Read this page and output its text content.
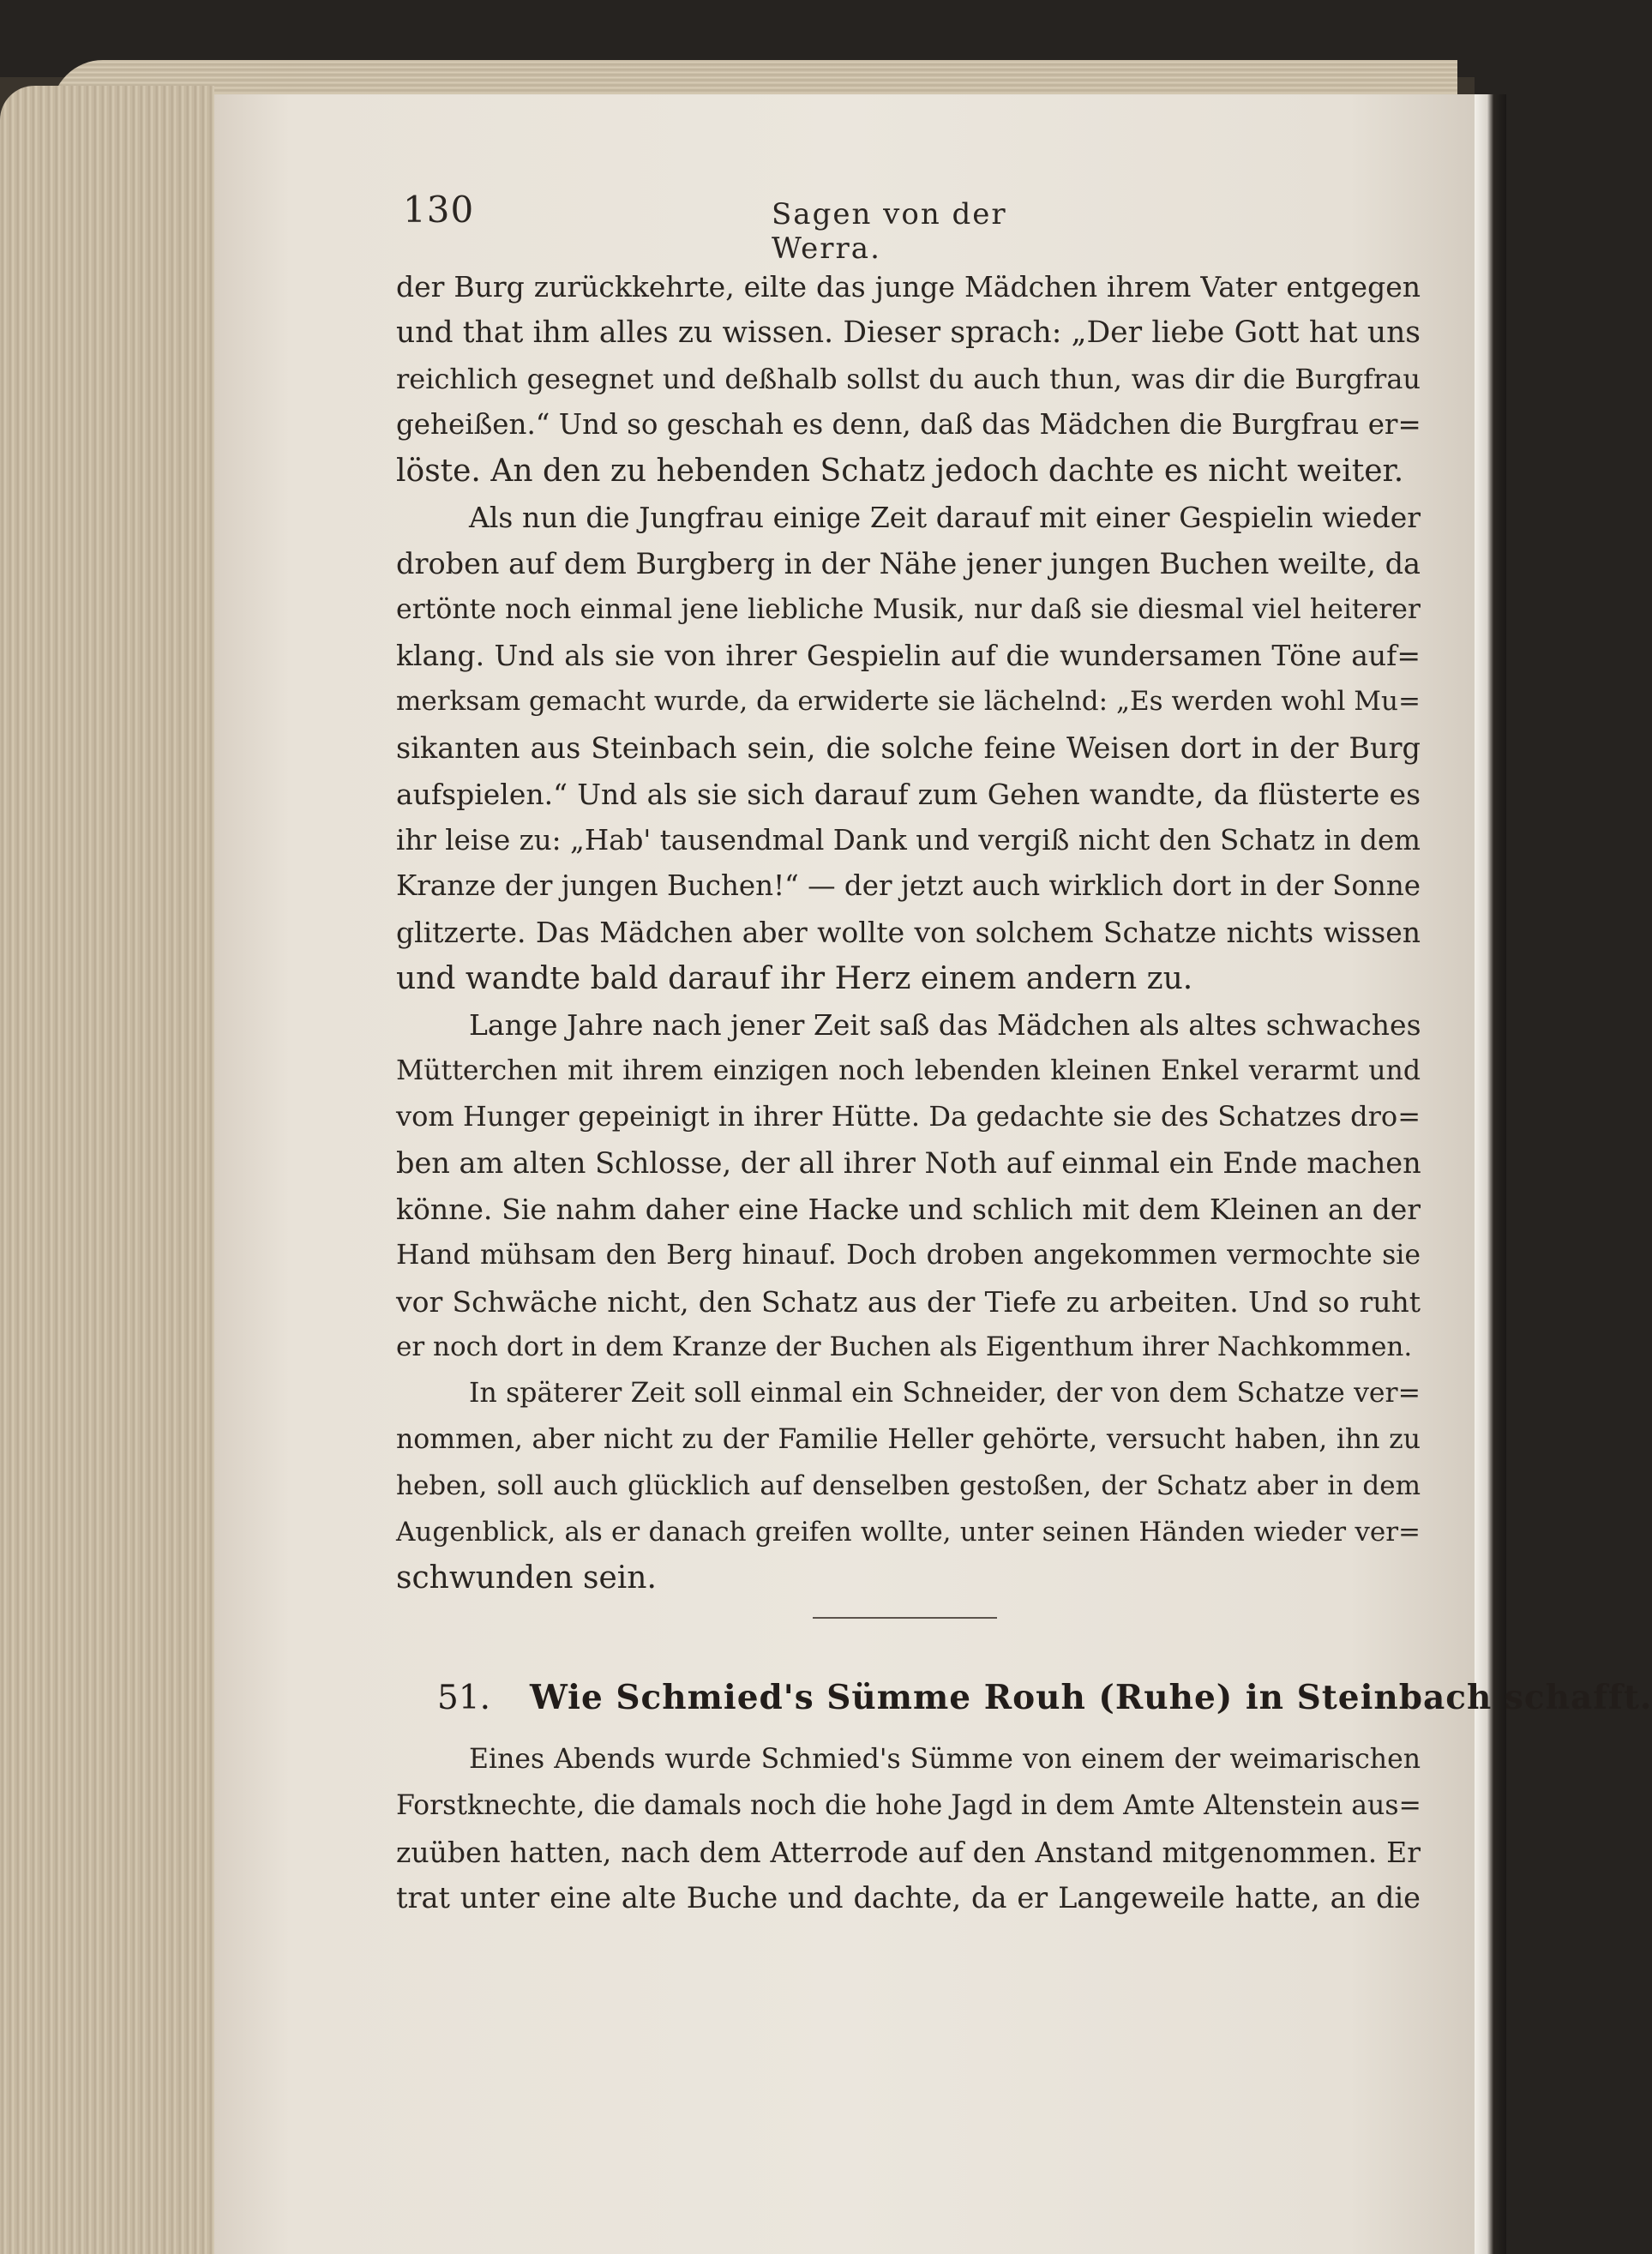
130	Sagen von der Werra.
der Burg zurückkehrte, eilte das junge Mädchen ihrem Vater entgegen
und that ihm alles zu wissen. Dieser sprach: „Der liebe Gott hat uns
reichlich gesegnet und deßhalb sollst du auch thun, was dir die Burgfrau
geheißen.“ Und so geschah es denn, daß das Mädchen die Burgfrau er=
löste. An den zu hebenden Schatz jedoch dachte es nicht weiter.
Als nun die Jungfrau einige Zeit darauf mit einer Gespielin wieder
droben auf dem Burgberg in der Nähe jener jungen Buchen weilte, da
ertönte noch einmal jene liebliche Musik, nur daß sie diesmal viel heiterer
klang. Und als sie von ihrer Gespielin auf die wundersamen Töne auf=
merksam gemacht wurde, da erwiderte sie lächelnd: „Es werden wohl Mu=
sikanten aus Steinbach sein, die solche feine Weisen dort in der Burg
aufspielen.“ Und als sie sich darauf zum Gehen wandte, da flüsterte es
ihr leise zu: „Hab' tausendmal Dank und vergiß nicht den Schatz in dem
Kranze der jungen Buchen!“ — der jetzt auch wirklich dort in der Sonne
glitzerte. Das Mädchen aber wollte von solchem Schatze nichts wissen
und wandte bald darauf ihr Herz einem andern zu.
Lange Jahre nach jener Zeit saß das Mädchen als altes schwaches
Mütterchen mit ihrem einzigen noch lebenden kleinen Enkel verarmt und
vom Hunger gepeinigt in ihrer Hütte. Da gedachte sie des Schatzes dro=
ben am alten Schlosse, der all ihrer Noth auf einmal ein Ende machen
könne. Sie nahm daher eine Hacke und schlich mit dem Kleinen an der
Hand mühsam den Berg hinauf. Doch droben angekommen vermochte sie
vor Schwäche nicht, den Schatz aus der Tiefe zu arbeiten. Und so ruht
er noch dort in dem Kranze der Buchen als Eigenthum ihrer Nachkommen.
In späterer Zeit soll einmal ein Schneider, der von dem Schatze ver=
nommen, aber nicht zu der Familie Heller gehörte, versucht haben, ihn zu
heben, soll auch glücklich auf denselben gestoßen, der Schatz aber in dem
Augenblick, als er danach greifen wollte, unter seinen Händen wieder ver=
schwunden sein.
51. Wie Schmied's Sümme Rouh (Ruhe) in Steinbach schafft.
Eines Abends wurde Schmied's Sümme von einem der weimarischen
Forstknechte, die damals noch die hohe Jagd in dem Amte Altenstein aus=
zuüben hatten, nach dem Atterrode auf den Anstand mitgenommen. Er
trat unter eine alte Buche und dachte, da er Langeweile hatte, an die
